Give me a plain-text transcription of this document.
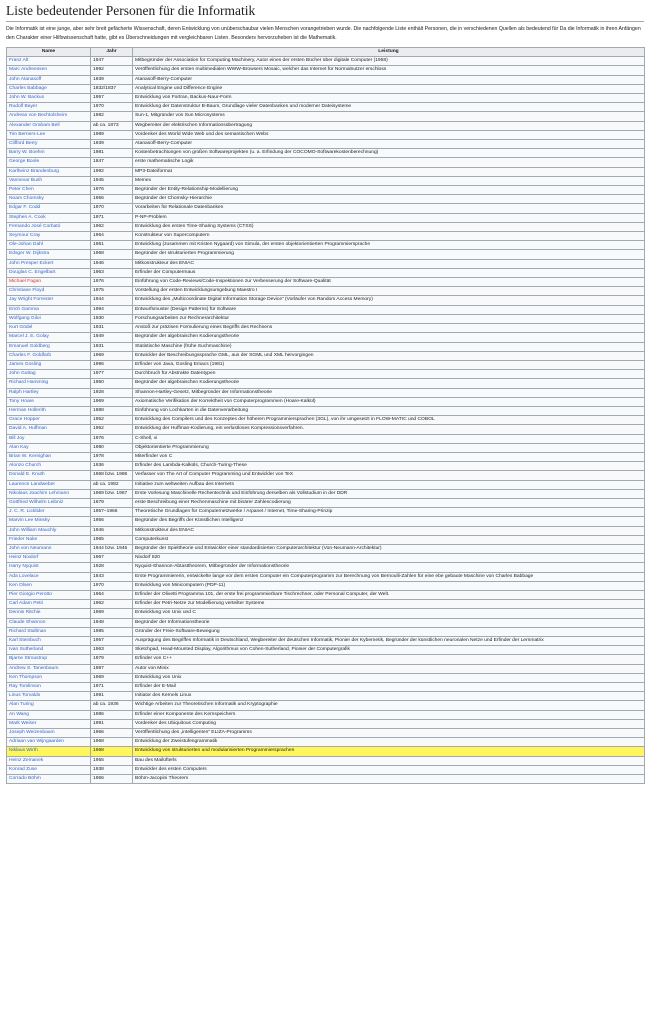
Liste bedeutender Personen für die Informatik

Die Informatik ist eine junge, aber sehr breit gefächerte Wissenschaft, deren Entwicklung von unüberschaubar vielen Menschen vorangetrieben wurde. Die nachfolgende Liste enthält Personen, die in verschiedenen Quellen als bedeutend für Da die Informatik in ihren Anfängen den Charakter einer Hilfswissenschaft hatte, gibt es Überschneidungen mit vergleichbaren Listen. Besonders hervorzuheben ist die Mathematik.

Name	Jahr	Leistung
Franz Alt	1947	Mitbegründer der Association for Computing Machinery, Autor eines der ersten Bücher über digitale Computer (1958)
Marc Andreessen	1992	Veröffentlichung des ersten multimedialen WWW-Browsers Mosaic, welcher das Internet für Normalnutzer erschloss
John Atanasoff	1939	Atanasoff-Berry-Computer
Charles Babbage	1832/1837	Analytical Engine und Difference Engine
John W. Backus	1957	Entwicklung von Fortran, Backus-Naur-Form
Rudolf Bayer	1970	Entwicklung der Datenstruktur B-Baum, Grundlage vieler Datenbanken und moderner Dateisysteme
Andreas von Bechtolsheim	1982	Sun-1, Mitgründer von Sun Microsystems
Alexander Graham Bell	ab ca. 1873	Wegbereiter der elektrischen Informationsübertragung
Tim Berners-Lee	1989	Vordenker des World Wide Web und des semantischen Webs
Clifford Berry	1939	Atanasoff-Berry-Computer
Barry W. Boehm	1981	Kostenbetrachtungen von großen Softwareprojekten (u. a. Erfindung der COCOMO-Softwarekostenberechnung)
George Boole	1847	erste mathematische Logik
Karlheinz Brandenburg	1992	MP3-Dateiformat
Vannevar Bush	1945	Memex
Peter Chen	1976	Begründer der Entity-Relationship-Modellierung
Noam Chomsky	1956	Begründer der Chomsky-Hierarchie
Edgar F. Codd	1970	Vorarbeiten für Relationale Datenbanken
Stephen A. Cook	1971	P-NP-Problem
Fernando José Corbató	1962	Entwicklung des ersten Time-Sharing Systems (CTSS)
Seymour Cray	1964	Konstrukteur von Supercomputern
Ole-Johan Dahl	1961	Entwicklung (zusammen mit Kristen Nygaard) von Simula, der ersten objektorientierten Programmiersprache
Edsger W. Dijkstra	1968	Begründer der strukturierten Programmierung
John Presper Eckert	1946	Mitkonstrukteur des ENIAC
Douglas C. Engelbart	1963	Erfinder der Computermaus
Michael Fagan	1976	Einführung von Code-Reviews/Code-Inspektionen zur Verbesserung der Software-Qualität
Christiane Floyd	1975	Vorstellung der ersten Entwicklungsumgebung Maestro I
Jay Wright Forrester	1944	Entwicklung des „Multicoordinate Digital Information Storage Device“ (Vorläufer von Random Access Memory)
Erich Gamma	1994	Entwurfsmuster (Design Patterns) für Software
Wolfgang Giloi	1930	Forschungsarbeiten zur Rechnerarchitektur
Kurt Gödel	1931	Anstoß zur präzisen Formulierung eines Begriffs des Rechnens
Marcel J. E. Golay	1949	Begründer der algebraischen Kodierungstheorie
Emanuel Goldberg	1931	Statistische Maschine (frühe Suchmaschine)
Charles F. Goldfarb	1969	Entwickler der Beschreibungssprache GML, aus der SGML und XML hervorgingen
James Gosling	1996	Erfinder von Java, Gosling Emacs (1981)
John Guttag	1977	Durchbruch für Abstrakte Datentypen
Richard Hamming	1950	Begründer der algebraischen Kodierungstheorie
Ralph Hartley	1928	Shannon-Hartley-Gesetz, Mitbegründer der Informationstheorie
Tony Hoare	1969	Axiomatische Verifikation der Korrektheit von Computerprogrammen (Hoare-Kalkül)
Herman Hollerith	1888	Einführung von Lochkarten in die Datenverarbeitung
Grace Hopper	1952	Entwicklung des Compilers und des Konzeptes der höheren Programmiersprachen (3GL), von ihr umgesetzt in FLOW-MATIC und COBOL
David A. Huffman	1952	Entwicklung der Huffman-Kodierung, ein verlustloses Kompressionsverfahren.
Bill Joy	1976	C-Shell, vi
Alan Kay	1980	Objektorientierte Programmierung
Brian W. Kernighan	1978	Miterfinder von C
Alonzo Church	1936	Erfinder des Lambda-Kalküls, Church-Turing-These
Donald E. Knuth	1968 bzw. 1986	Verfasser von The Art of Computer Programming und Entwickler von TeX
Laurence Landweber	ab ca. 1982	Initiative zum weltweiten Aufbau des Internets
Nikolaus Joachim Lehmann	1969 bzw. 1967	Erste Vorlesung Maschinelle Rechentechnik und Einführung derselben als Vollstudium in der DDR
Gottfried Wilhelm Leibniz	1679	erste Beschreibung einer Rechenmaschine mit binärer Zahlencodierung
J. C. R. Licklider	1957–1966	Theoretische Grundlagen für Computernetzwerke / Arpanet / Internet, Time-Sharing-Prinzip
Marvin Lee Minsky	1956	Begründer des Begriffs der Künstlichen Intelligenz
John William Mauchly	1946	Mitkonstrukteur des ENIAC
Frieder Nake	1965	Computerkunst
John von Neumann	1944 bzw. 1945	Begründer der Spieltheorie und Entwickler einer standardisierten Computerarchitektur (Von-Neumann-Architektur)
Heinz Nixdorf	1967	Nixdorf 820
Harry Nyquist	1928	Nyquist-Shannon-Abtasttheorem, Mitbegründer der Informationstheorie
Ada Lovelace	1843	Erste Programmiererin, entwickelte lange vor dem ersten Computer ein Computerprogramm zur Berechnung von Bernoulli-Zahlen für eine ebe gebaute Maschine von Charles Babbage
Ken Olsen	1970	Entwicklung von Minicomputern (PDP-11)
Pier Giorgio Perotto	1964	Erfinder der Olivetti Programma 101, der erste frei programmierbare Tischrechner, oder Personal Computer, der Welt.
Carl Adam Petri	1962	Erfinder der Petri-Netze zur Modellierung verteilter Systeme
Dennis Ritchie	1969	Entwicklung von Unix und C
Claude Shannon	1948	Begründer der Informationstheorie
Richard Stallman	1985	Gründer der Freie-Software-Bewegung
Karl Steinbuch	1957	Ausprägung des Begriffes Informatik in Deutschland, Wegbereiter der deutschen Informatik, Pionier der Kybernetik, Begründer der künstlichen neuronalen Netze und Erfinder der Lernmatrix
Ivan Sutherland	1963	Sketchpad, Head-Mounted Display, Algorithmus von Cohen-Sutherland, Pionier der Computergrafik
Bjarne Stroustrup	1979	Erfinder von C++
Andrew S. Tanenbaum	1987	Autor von Minix
Ken Thompson	1969	Entwicklung von Unix
Ray Tomlinson	1971	Erfinder der E-Mail
Linus Torvalds	1991	Initiator des Kernels Linux
Alan Turing	ab ca. 1936	Wichtige Arbeiten zur Theoretischen Informatik und Kryptographie
An Wang	1986	Erfinder einer Komponente des Kernspeichers
Mark Weiser	1991	Vordenker des Ubiquitous Computing
Joseph Weizenbaum	1966	Veröffentlichung des „intelligenten“ ELIZA-Programms
Adriaan van Wijngaarden	1968	Entwicklung der Zweistufengrammatik
Niklaus Wirth	1968	Entwicklung von strukturierten und modularisierten Programmiersprachen
Heinz Zemanek	1955	Bau des Mailüfterls
Konrad Zuse	1938	Entwickler des ersten Computers
Corrado Böhm	1966	Böhm-Jacopini Theorem
